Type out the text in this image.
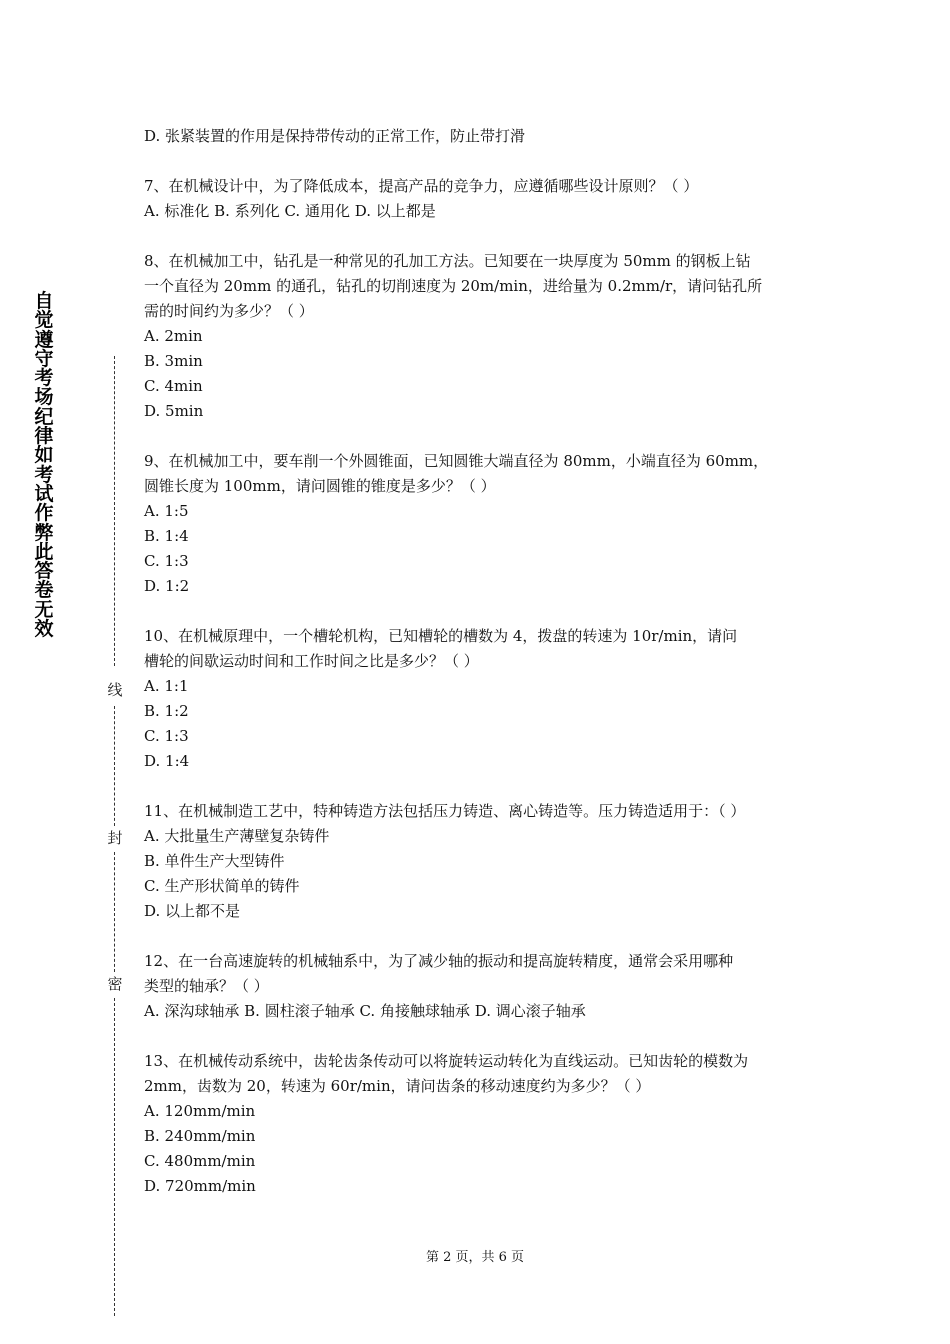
自觉遵守考场纪律如考试作弊此答卷无效
线
封
密

D. 张紧装置的作用是保持带传动的正常工作，防止带打滑

7、在机械设计中，为了降低成本，提高产品的竞争力，应遵循哪些设计原则？（ ）

A. 标准化 B. 系列化 C. 通用化 D. 以上都是

8、在机械加工中，钻孔是一种常见的孔加工方法。已知要在一块厚度为 50mm 的钢板上钻

一个直径为 20mm 的通孔，钻孔的切削速度为 20m/min，进给量为 0.2mm/r，请问钻孔所

需的时间约为多少？（ ）

A. 2min

B. 3min

C. 4min

D. 5min

9、在机械加工中，要车削一个外圆锥面，已知圆锥大端直径为 80mm，小端直径为 60mm，

圆锥长度为 100mm，请问圆锥的锥度是多少？（ ）

A. 1:5

B. 1:4

C. 1:3

D. 1:2

10、在机械原理中，一个槽轮机构，已知槽轮的槽数为 4，拨盘的转速为 10r/min，请问

槽轮的间歇运动时间和工作时间之比是多少？（ ）

A. 1:1

B. 1:2

C. 1:3

D. 1:4

11、在机械制造工艺中，特种铸造方法包括压力铸造、离心铸造等。压力铸造适用于：（ ）

A. 大批量生产薄壁复杂铸件

B. 单件生产大型铸件

C. 生产形状简单的铸件

D. 以上都不是

12、在一台高速旋转的机械轴系中，为了减少轴的振动和提高旋转精度，通常会采用哪种

类型的轴承？（ ）

A. 深沟球轴承 B. 圆柱滚子轴承 C. 角接触球轴承 D. 调心滚子轴承

13、在机械传动系统中，齿轮齿条传动可以将旋转运动转化为直线运动。已知齿轮的模数为

2mm，齿数为 20，转速为 60r/min，请问齿条的移动速度约为多少？（ ）

A. 120mm/min

B. 240mm/min

C. 480mm/min

D. 720mm/min

第 2 页，共 6 页
